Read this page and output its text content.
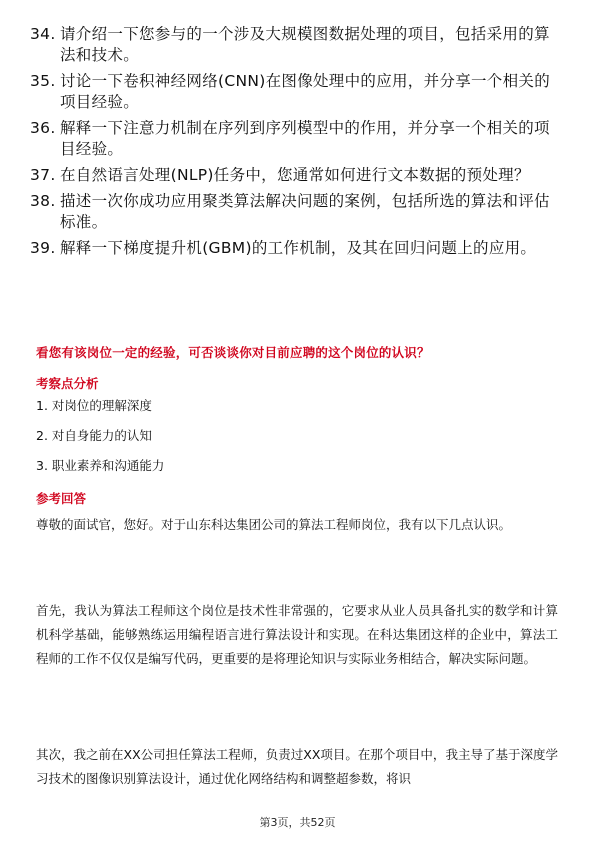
34. 请介绍一下您参与的一个涉及大规模图数据处理的项目，包括采用的算法和技术。
35. 讨论一下卷积神经网络(CNN)在图像处理中的应用，并分享一个相关的项目经验。
36. 解释一下注意力机制在序列到序列模型中的作用，并分享一个相关的项目经验。
37. 在自然语言处理(NLP)任务中，您通常如何进行文本数据的预处理？
38. 描述一次你成功应用聚类算法解决问题的案例，包括所选的算法和评估标准。
39. 解释一下梯度提升机(GBM)的工作机制，及其在回归问题上的应用。
看您有该岗位一定的经验，可否谈谈你对目前应聘的这个岗位的认识？
考察点分析
1. 对岗位的理解深度
2. 对自身能力的认知
3. 职业素养和沟通能力
参考回答

尊敬的面试官，您好。对于山东科达集团公司的算法工程师岗位，我有以下几点认识。

首先，我认为算法工程师这个岗位是技术性非常强的，它要求从业人员具备扎实的数学和计算机科学基础，能够熟练运用编程语言进行算法设计和实现。在科达集团这样的企业中，算法工程师的工作不仅仅是编写代码，更重要的是将理论知识与实际业务相结合，解决实际问题。

其次，我之前在XX公司担任算法工程师，负责过XX项目。在那个项目中，我主导了基于深度学习技术的图像识别算法设计，通过优化网络结构和调整超参数，将识

第3页，共52页
